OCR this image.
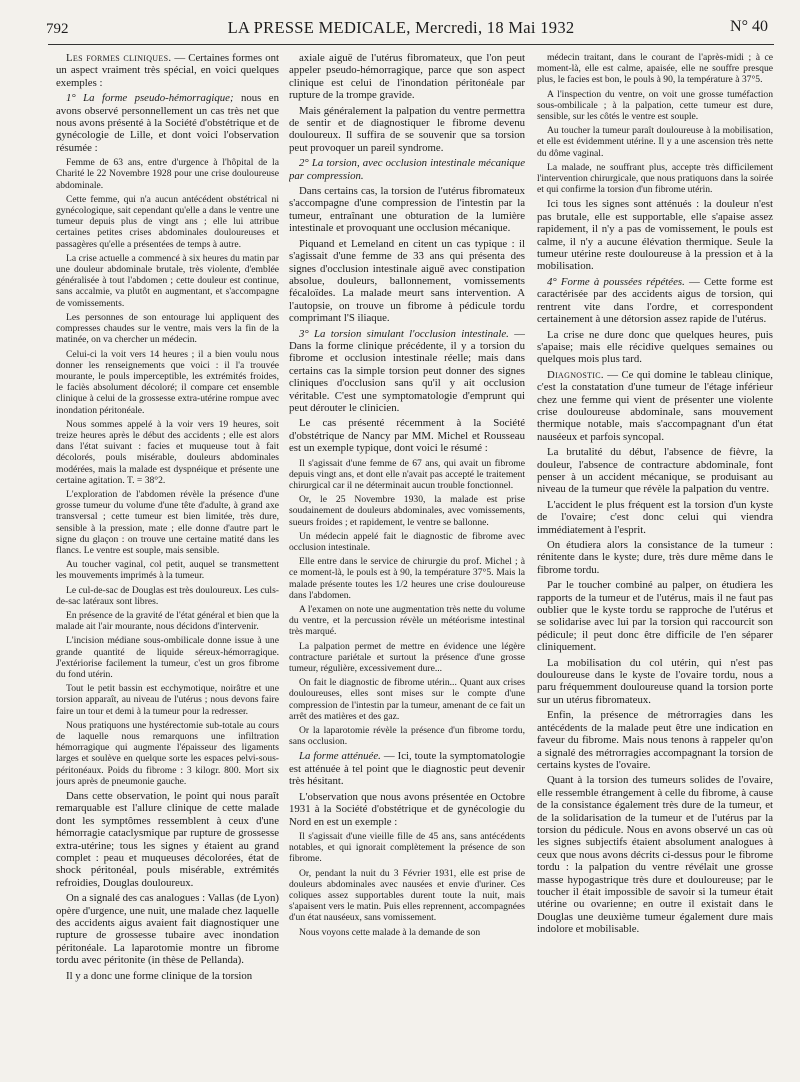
792	LA PRESSE MEDICALE, Mercredi, 18 Mai 1932	N° 40

Les formes cliniques. — Certaines formes ont un aspect vraiment très spécial, en voici quelques exemples :

1° La forme pseudo-hémorragique; nous en avons observé personnellement un cas très net que nous avons présenté à la Société d'obstétrique et de gynécologie de Lille, et dont voici l'observation résumée :

Femme de 63 ans, entre d'urgence à l'hôpital de la Charité le 22 Novembre 1928 pour une crise douloureuse abdominale.

Cette femme, qui n'a aucun antécédent obstétrical ni gynécologique, sait cependant qu'elle a dans le ventre une tumeur depuis plus de vingt ans ; elle lui attribue certaines petites crises abdominales douloureuses et passagères qu'elle a présentées de temps à autre.

La crise actuelle a commencé à six heures du matin par une douleur abdominale brutale, très violente, d'emblée généralisée à tout l'abdomen ; cette douleur est continue, sans accalmie, va plutôt en augmentant, et s'accompagne de vomissements.

Les personnes de son entourage lui appliquent des compresses chaudes sur le ventre, mais vers la fin de la matinée, on va chercher un médecin.

Celui-ci la voit vers 14 heures ; il a bien voulu nous donner les renseignements que voici : il l'a trouvée mourante, le pouls imperceptible, les extrémités froides, le faciès absolument décoloré; il compare cet ensemble clinique à celui de la grossesse extra-utérine rompue avec inondation péritonéale.

Nous sommes appelé à la voir vers 19 heures, soit treize heures après le début des accidents ; elle est alors dans l'état suivant : facies et muqueuse tout à fait décolorés, pouls misérable, douleurs abdominales modérées, mais la malade est dyspnéique et présente une certaine agitation. T. = 38°2.

L'exploration de l'abdomen révèle la présence d'une grosse tumeur du volume d'une tête d'adulte, à grand axe transversal ; cette tumeur est bien limitée, très dure, sensible à la pression, mate ; elle donne d'autre part le signe du glaçon : on trouve une certaine matité dans les flancs. Le ventre est souple, mais sensible.

Au toucher vaginal, col petit, auquel se transmettent les mouvements imprimés à la tumeur.

Le cul-de-sac de Douglas est très douloureux. Les culs-de-sac latéraux sont libres.

En présence de la gravité de l'état général et bien que la malade ait l'air mourante, nous décidons d'intervenir.

L'incision médiane sous-ombilicale donne issue à une grande quantité de liquide séreux-hémorragique. J'extériorise facilement la tumeur, c'est un gros fibrome du fond utérin.

Tout le petit bassin est ecchymotique, noirâtre et une torsion apparaît, au niveau de l'utérus ; nous devons faire faire un tour et demi à la tumeur pour la redresser.

Nous pratiquons une hystérectomie sub-totale au cours de laquelle nous remarquons une infiltration hémorragique qui augmente l'épaisseur des ligaments larges et soulève en quelque sorte les espaces pelvi-sous-péritonéaux. Poids du fibrome : 3 kilogr. 800. Mort six jours après de pneumonie gauche.

Dans cette observation, le point qui nous paraît remarquable est l'allure clinique de cette malade dont les symptômes ressemblent à ceux d'une hémorragie cataclysmique par rupture de grossesse extra-utérine; tous les signes y étaient au grand complet : peau et muqueuses décolorées, état de shock péritonéal, pouls misérable, extrémités refroidies, Douglas douloureux.

On a signalé des cas analogues : Vallas (de Lyon) opère d'urgence, une nuit, une malade chez laquelle des accidents aigus avaient fait diagnostiquer une rupture de grossesse tubaire avec inondation péritonéale. La laparotomie montre un fibrome tordu avec péritonite (in thèse de Pellanda).

Il y a donc une forme clinique de la torsion

axiale aiguë de l'utérus fibromateux, que l'on peut appeler pseudo-hémorragique, parce que son aspect clinique est celui de l'inondation péritonéale par rupture de la trompe gravide.

Mais généralement la palpation du ventre permettra de sentir et de diagnostiquer le fibrome devenu douloureux. Il suffira de se souvenir que sa torsion peut provoquer un pareil syndrome.

2° La torsion, avec occlusion intestinale mécanique par compression.

Dans certains cas, la torsion de l'utérus fibromateux s'accompagne d'une compression de l'intestin par la tumeur, entraînant une obturation de la lumière intestinale et provoquant une occlusion mécanique.

Piquand et Lemeland en citent un cas typique : il s'agissait d'une femme de 33 ans qui présenta des signes d'occlusion intestinale aiguë avec constipation absolue, douleurs, ballonnement, vomissements fécaloïdes. La malade meurt sans intervention. A l'autopsie, on trouve un fibrome à pédicule tordu comprimant l'S iliaque.

3° La torsion simulant l'occlusion intestinale. — Dans la forme clinique précédente, il y a torsion du fibrome et occlusion intestinale réelle; mais dans certains cas la simple torsion peut donner des signes cliniques d'occlusion sans qu'il y ait occlusion véritable. C'est une symptomatologie d'emprunt qui peut dérouter le clinicien.

Le cas présenté récemment à la Société d'obstétrique de Nancy par MM. Michel et Rousseau est un exemple typique, dont voici le résumé :

Il s'agissait d'une femme de 67 ans, qui avait un fibrome depuis vingt ans, et dont elle n'avait pas accepté le traitement chirurgical car il ne déterminait aucun trouble fonctionnel.

Or, le 25 Novembre 1930, la malade est prise soudainement de douleurs abdominales, avec vomissements, sueurs froides ; et rapidement, le ventre se ballonne.

Un médecin appelé fait le diagnostic de fibrome avec occlusion intestinale.

Elle entre dans le service de chirurgie du prof. Michel ; à ce moment-là, le pouls est à 90, la température 37°5. Mais la malade présente toutes les 1/2 heures une crise douloureuse dans l'abdomen.

A l'examen on note une augmentation très nette du volume du ventre, et la percussion révèle un météorisme intestinal très marqué.

La palpation permet de mettre en évidence une légère contracture pariétale et surtout la présence d'une grosse tumeur, régulière, excessivement dure...

On fait le diagnostic de fibrome utérin... Quant aux crises douloureuses, elles sont mises sur le compte d'une compression de l'intestin par la tumeur, amenant de ce fait un arrêt des matières et des gaz.

Or la laparotomie révèle la présence d'un fibrome tordu, sans occlusion.

La forme atténuée. — Ici, toute la symptomatologie est atténuée à tel point que le diagnostic peut devenir très hésitant.

L'observation que nous avons présentée en Octobre 1931 à la Société d'obstétrique et de gynécologie du Nord en est un exemple :

Il s'agissait d'une vieille fille de 45 ans, sans antécédents notables, et qui ignorait complètement la présence de son fibrome.

Or, pendant la nuit du 3 Février 1931, elle est prise de douleurs abdominales avec nausées et envie d'uriner. Ces coliques assez supportables durent toute la nuit, mais s'apaisent vers le matin. Puis elles reprennent, accompagnées d'un état nauséeux, sans vomissement.

Nous voyons cette malade à la demande de son

médecin traitant, dans le courant de l'après-midi ; à ce moment-là, elle est calme, apaisée, elle ne souffre presque plus, le facies est bon, le pouls à 90, la température à 37°5.

A l'inspection du ventre, on voit une grosse tuméfaction sous-ombilicale ; à la palpation, cette tumeur est dure, sensible, sur les côtés le ventre est souple.

Au toucher la tumeur paraît douloureuse à la mobilisation, et elle est évidemment utérine. Il y a une ascension très nette du dôme vaginal.

La malade, ne souffrant plus, accepte très difficilement l'intervention chirurgicale, que nous pratiquons dans la soirée et qui confirme la torsion d'un fibrome utérin.

Ici tous les signes sont atténués : la douleur n'est pas brutale, elle est supportable, elle s'apaise assez rapidement, il n'y a pas de vomissement, le pouls est calme, il n'y a aucune élévation thermique. Seule la tumeur utérine reste douloureuse à la pression et à la mobilisation.

4° Forme à poussées répétées. — Cette forme est caractérisée par des accidents aigus de torsion, qui rentrent vite dans l'ordre, et correspondent certainement à une détorsion assez rapide de l'utérus.

La crise ne dure donc que quelques heures, puis s'apaise; mais elle récidive quelques semaines ou quelques mois plus tard.

Diagnostic. — Ce qui domine le tableau clinique, c'est la constatation d'une tumeur de l'étage inférieur chez une femme qui vient de présenter une violente crise douloureuse abdominale, sans mouvement thermique notable, mais s'accompagnant d'un état nauséeux et parfois syncopal.

La brutalité du début, l'absence de fièvre, la douleur, l'absence de contracture abdominale, font penser à un accident mécanique, se produisant au niveau de la tumeur que révèle la palpation du ventre.

L'accident le plus fréquent est la torsion d'un kyste de l'ovaire; c'est donc celui qui viendra immédiatement à l'esprit.

On étudiera alors la consistance de la tumeur : rénitente dans le kyste; dure, très dure même dans le fibrome tordu.

Par le toucher combiné au palper, on étudiera les rapports de la tumeur et de l'utérus, mais il ne faut pas oublier que le kyste tordu se rapproche de l'utérus et se solidarise avec lui par la torsion qui raccourcit son pédicule; il peut donc être difficile de l'en séparer cliniquement.

La mobilisation du col utérin, qui n'est pas douloureuse dans le kyste de l'ovaire tordu, nous a paru fréquemment douloureuse quand la torsion porte sur un utérus fibromateux.

Enfin, la présence de métrorragies dans les antécédents de la malade peut être une indication en faveur du fibrome. Mais nous tenons à rappeler qu'on a signalé des métrorragies accompagnant la torsion de certains kystes de l'ovaire.

Quant à la torsion des tumeurs solides de l'ovaire, elle ressemble étrangement à celle du fibrome, à cause de la consistance également très dure de la tumeur, et de la solidarisation de la tumeur et de l'utérus par la torsion du pédicule. Nous en avons observé un cas où les signes subjectifs étaient absolument analogues à ceux que nous avons décrits ci-dessus pour le fibrome tordu : la palpation du ventre révélait une grosse masse hypogastrique très dure et douloureuse; par le toucher il était impossible de savoir si la tumeur était utérine ou ovarienne; en outre il existait dans le Douglas une deuxième tumeur également dure mais indolore et mobilisable.
